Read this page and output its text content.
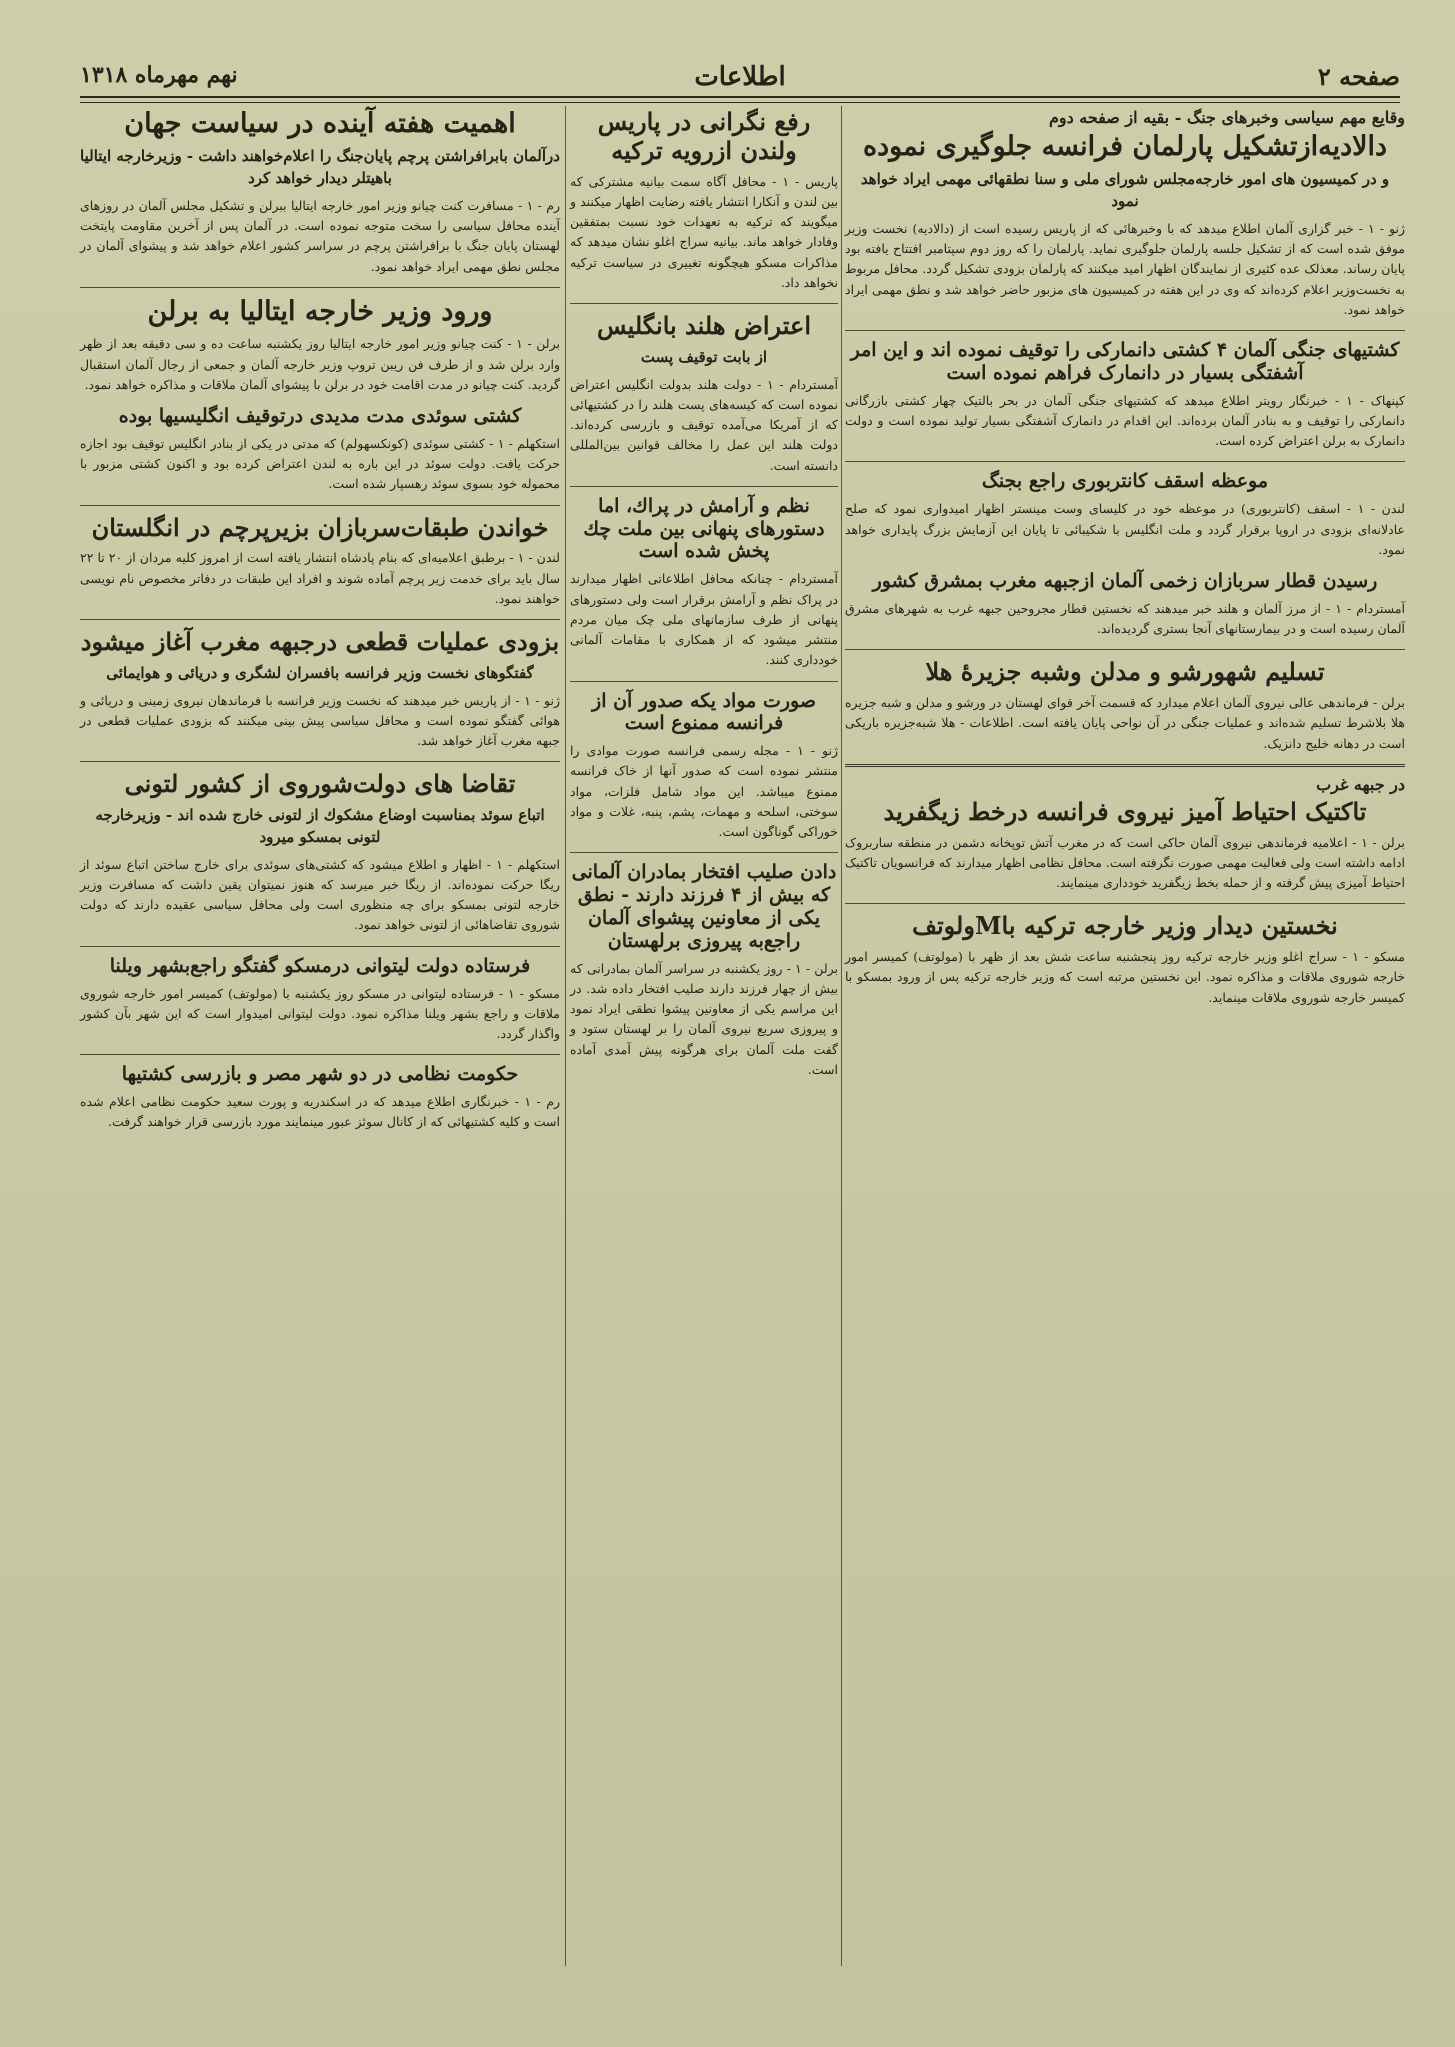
صفحه ۲
اطلاعات
نهم مهرماه ۱۳۱۸
وقایع مهم سیاسی وخبرهای جنگ - بقیه از صفحه دوم
دالادیه‌ازتشکیل پارلمان فرانسه جلوگیری نموده
و در کمیسیون های امور خارجه‌مجلس شورای ملی و سنا نطقهائی مهمی ایراد خواهد نمود

ژنو - ۱ - خبر گزاری آلمان اطلاع میدهد که با وخبرهائی که از پاریس رسیده است از (دالادیه) نخست وزیر موفق شده است که از تشکیل جلسه پارلمان جلوگیری نماید. پارلمان را که روز دوم سپتامبر افتتاح یافته بود پایان رساند. معذلک عده کثیری از نمایندگان اظهار امید میکنند که پارلمان بزودی تشکیل گردد. محافل مربوط به نخست‌وزیر اعلام کرده‌اند که وی در این هفته در کمیسیون های مزبور حاضر خواهد شد و نطق مهمی ایراد خواهد نمود.

کشتیهای جنگی آلمان ۴ کشتی دانمارکی را توقیف نموده اند و این امر آشفتگی بسیار در دانمارک فراهم نموده است

کپنهاک - ۱ - خبرنگار رویتر اطلاع میدهد که کشتیهای جنگی آلمان در بحر بالتیک چهار کشتی بازرگانی دانمارکی را توقیف و به بنادر آلمان برده‌اند. این اقدام در دانمارک آشفتگی بسیار تولید نموده است و دولت دانمارک به برلن اعتراض کرده است.

موعظه اسقف کانتربوری راجع بجنگ

لندن - ۱ - اسقف (کانتربوری) در موعظه خود در کلیسای وست مینستر اظهار امیدواری نمود که صلح عادلانه‌ای بزودی در اروپا برقرار گردد و ملت انگلیس با شکیبائی تا پایان این آزمایش بزرگ پایداری خواهد نمود.

رسیدن قطار سربازان زخمی آلمان ازجبهه مغرب بمشرق کشور

آمستردام - ۱ - از مرز آلمان و هلند خبر میدهند که نخستین قطار مجروحین جبهه غرب به شهرهای مشرق آلمان رسیده است و در بیمارستانهای آنجا بستری گردیده‌اند.

تسلیم شهورشو و مدلن وشبه جزیرهٔ هلا

برلن - فرماندهی عالی نیروی آلمان اعلام میدارد که قسمت آخر قوای لهستان در ورشو و مدلن و شبه جزیره هلا بلاشرط تسلیم شده‌اند و عملیات جنگی در آن نواحی پایان یافته است. اطلاعات - هلا شبه‌جزیره باریکی است در دهانه خلیج دانزیک.

در جبهه غرب
تاکتیک احتیاط آمیز نیروی فرانسه درخط زیگفرید

برلن - ۱ - اعلامیه فرماندهی نیروی آلمان حاکی است که در مغرب آتش توپخانه دشمن در منطقه ساربروک ادامه داشته است ولی فعالیت مهمی صورت نگرفته است. محافل نظامی اظهار میدارند که فرانسویان تاکتیک احتیاط آمیزی پیش گرفته و از حمله بخط زیگفرید خودداری مینمایند.

نخستین دیدار وزیر خارجه ترکیه باMولوتف

مسکو - ۱ - سراج اغلو وزیر خارجه ترکیه روز پنجشنبه ساعت شش بعد از ظهر با (مولوتف) کمیسر امور خارجه شوروی ملاقات و مذاکره نمود. این نخستین مرتبه است که وزیر خارجه ترکیه پس از ورود بمسکو با کمیسر خارجه شوروی ملاقات مینماید.

رفع نگرانی در پاریس ولندن ازرویه ترکیه

پاریس - ۱ - محافل آگاه سمت بیانیه مشترکی که بین لندن و آنکارا انتشار یافته رضایت اظهار میکنند و میگویند که ترکیه به تعهدات خود نسبت بمتفقین وفادار خواهد ماند. بیانیه سراج اغلو نشان میدهد که مذاکرات مسکو هیچگونه تغییری در سیاست ترکیه نخواهد داد.

اعتراض هلند بانگلیس
از بابت توقیف پست

آمستردام - ۱ - دولت هلند بدولت انگلیس اعتراض نموده است که کیسه‌های پست هلند را در کشتیهائی که از آمریکا می‌آمده توقیف و بازرسی کرده‌اند. دولت هلند این عمل را مخالف قوانین بین‌المللی دانسته است.

نظم و آرامش در پراك، اما دستورهای پنهانی بین ملت چك پخش شده است

آمستردام - چنانکه محافل اطلاعاتی اظهار میدارند در پراک نظم و آرامش برقرار است ولی دستورهای پنهانی از طرف سازمانهای ملی چک میان مردم منتشر میشود که از همکاری با مقامات آلمانی خودداری کنند.

صورت مواد یکه صدور آن از فرانسه ممنوع است

ژنو - ۱ - مجله رسمی فرانسه صورت موادی را منتشر نموده است که صدور آنها از خاک فرانسه ممنوع میباشد. این مواد شامل فلزات، مواد سوختی، اسلحه و مهمات، پشم، پنبه، غلات و مواد خوراکی گوناگون است.

دادن صلیب افتخار بمادران آلمانی که بیش از ۴ فرزند دارند - نطق یکی از معاونین پیشوای آلمان راجع‌به پیروزی برلهستان

برلن - ۱ - روز یکشنبه در سراسر آلمان بمادرانی که بیش از چهار فرزند دارند صلیب افتخار داده شد. در این مراسم یکی از معاونین پیشوا نطقی ایراد نمود و پیروزی سریع نیروی آلمان را بر لهستان ستود و گفت ملت آلمان برای هرگونه پیش آمدی آماده است.

اهمیت هفته آینده در سیاست جهان
درآلمان بابرافراشتن پرچم پایان‌جنگ را اعلام‌خواهند داشت - وزیرخارجه ایتالیا باهیتلر دیدار خواهد کرد

رم - ۱ - مسافرت کنت چیانو وزیر امور خارجه ایتالیا ببرلن و تشکیل مجلس آلمان در روزهای آینده محافل سیاسی را سخت متوجه نموده است. در آلمان پس از آخرین مقاومت پایتخت لهستان پایان جنگ با برافراشتن پرچم در سراسر کشور اعلام خواهد شد و پیشوای آلمان در مجلس نطق مهمی ایراد خواهد نمود.

ورود وزیر خارجه ایتالیا به برلن

برلن - ۱ - کنت چیانو وزیر امور خارجه ایتالیا روز یکشنبه ساعت ده و سی دقیقه بعد از ظهر وارد برلن شد و از طرف فن ریبن تروپ وزیر خارجه آلمان و جمعی از رجال آلمان استقبال گردید. کنت چیانو در مدت اقامت خود در برلن با پیشوای آلمان ملاقات و مذاکره خواهد نمود.

کشتی سوئدی مدت مدیدی درتوقیف انگلیسیها بوده

استکهلم - ۱ - کشتی سوئدی (کونکسهولم) که مدتی در یکی از بنادر انگلیس توقیف بود اجازه حرکت یافت. دولت سوئد در این باره به لندن اعتراض کرده بود و اکنون کشتی مزبور با محموله خود بسوی سوئد رهسپار شده است.

خواندن طبقات‌سربازان بزیرپرچم در انگلستان

لندن - ۱ - برطبق اعلامیه‌ای که بنام پادشاه انتشار یافته است از امروز کلیه مردان از ۲۰ تا ۲۲ سال باید برای خدمت زیر پرچم آماده شوند و افراد این طبقات در دفاتر مخصوص نام نویسی خواهند نمود.

بزودی عملیات قطعی درجبهه مغرب آغاز میشود
گفتگوهای نخست وزیر فرانسه بافسران لشگری و دریائی و هوایمائی

ژنو - ۱ - از پاریس خبر میدهند که نخست وزیر فرانسه با فرماندهان نیروی زمینی و دریائی و هوائی گفتگو نموده است و محافل سیاسی پیش بینی میکنند که بزودی عملیات قطعی در جبهه مغرب آغاز خواهد شد.

تقاضا های دولت‌شوروی از کشور لتونی
اتباع سوئد بمناسبت اوضاع مشکوك از لتونی خارج شده اند - وزیرخارجه لتونی بمسکو میرود

استکهلم - ۱ - اظهار و اطلاع میشود که کشتی‌های سوئدی برای خارج ساختن اتباع سوئد از ریگا حرکت نموده‌اند. از ریگا خبر میرسد که هنوز نمیتوان یقین داشت که مسافرت وزیر خارجه لتونی بمسکو برای چه منظوری است ولی محافل سیاسی عقیده دارند که دولت شوروی تقاضاهائی از لتونی خواهد نمود.

فرستاده دولت لیتوانی درمسکو گفتگو راجع‌بشهر ویلنا

مسکو - ۱ - فرستاده لیتوانی در مسکو روز یکشنبه با (مولوتف) کمیسر امور خارجه شوروی ملاقات و راجع بشهر ویلنا مذاکره نمود. دولت لیتوانی امیدوار است که این شهر بآن کشور واگذار گردد.

حکومت نظامی در دو شهر مصر و بازرسی کشتیها

رم - ۱ - خبرنگاری اطلاع میدهد که در اسکندریه و پورت سعید حکومت نظامی اعلام شده است و کلیه کشتیهائی که از کانال سوئز عبور مینمایند مورد بازرسی قرار خواهند گرفت.
